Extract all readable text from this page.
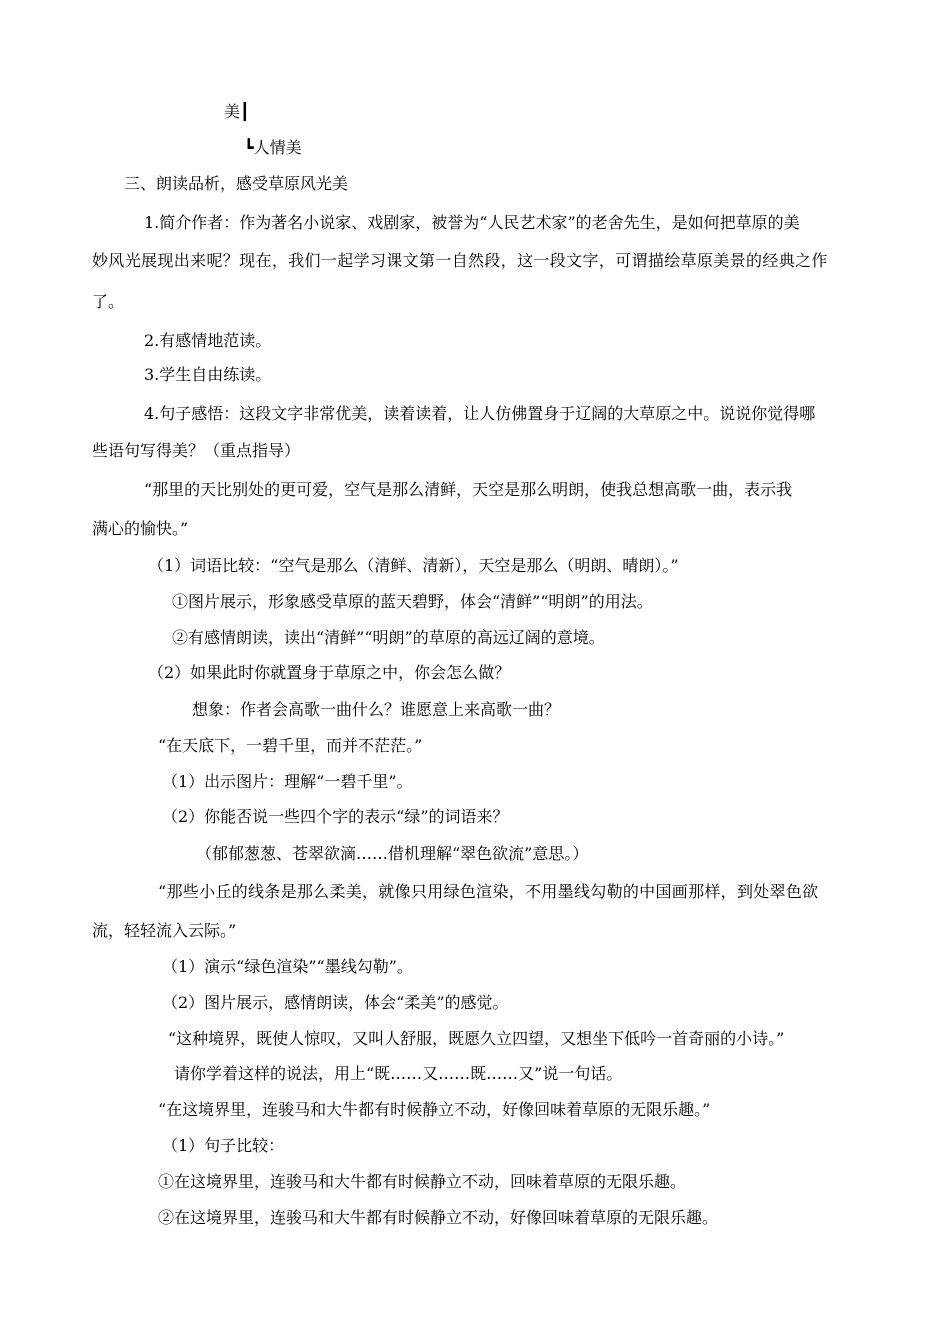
美┃
┗人情美
三、朗读品析，感受草原风光美
1.简介作者：作为著名小说家、戏剧家，被誉为“人民艺术家”的老舍先生，是如何把草原的美
妙风光展现出来呢？现在，我们一起学习课文第一自然段，这一段文字，可谓描绘草原美景的经典之作
了。
2.有感情地范读。
3.学生自由练读。
4.句子感悟：这段文字非常优美，读着读着，让人仿佛置身于辽阔的大草原之中。说说你觉得哪
些语句写得美？（重点指导）
“那里的天比别处的更可爱，空气是那么清鲜，天空是那么明朗，使我总想高歌一曲，表示我
满心的愉快。”
（1）词语比较：“空气是那么（清鲜、清新），天空是那么（明朗、晴朗）。”
①图片展示，形象感受草原的蓝天碧野，体会“清鲜”“明朗”的用法。
②有感情朗读，读出“清鲜”“明朗”的草原的高远辽阔的意境。
（2）如果此时你就置身于草原之中，你会怎么做？
想象：作者会高歌一曲什么？谁愿意上来高歌一曲？
“在天底下，一碧千里，而并不茫茫。”
（1）出示图片：理解“一碧千里”。
（2）你能否说一些四个字的表示“绿”的词语来？
（郁郁葱葱、苍翠欲滴……借机理解“翠色欲流”意思。）
“那些小丘的线条是那么柔美，就像只用绿色渲染，不用墨线勾勒的中国画那样，到处翠色欲
流，轻轻流入云际。”
（1）演示“绿色渲染”“墨线勾勒”。
（2）图片展示，感情朗读，体会“柔美”的感觉。
“这种境界，既使人惊叹，又叫人舒服，既愿久立四望，又想坐下低吟一首奇丽的小诗。”
请你学着这样的说法，用上“既……又……既……又”说一句话。
“在这境界里，连骏马和大牛都有时候静立不动，好像回味着草原的无限乐趣。”
（1）句子比较：
①在这境界里，连骏马和大牛都有时候静立不动，回味着草原的无限乐趣。
②在这境界里，连骏马和大牛都有时候静立不动，好像回味着草原的无限乐趣。
